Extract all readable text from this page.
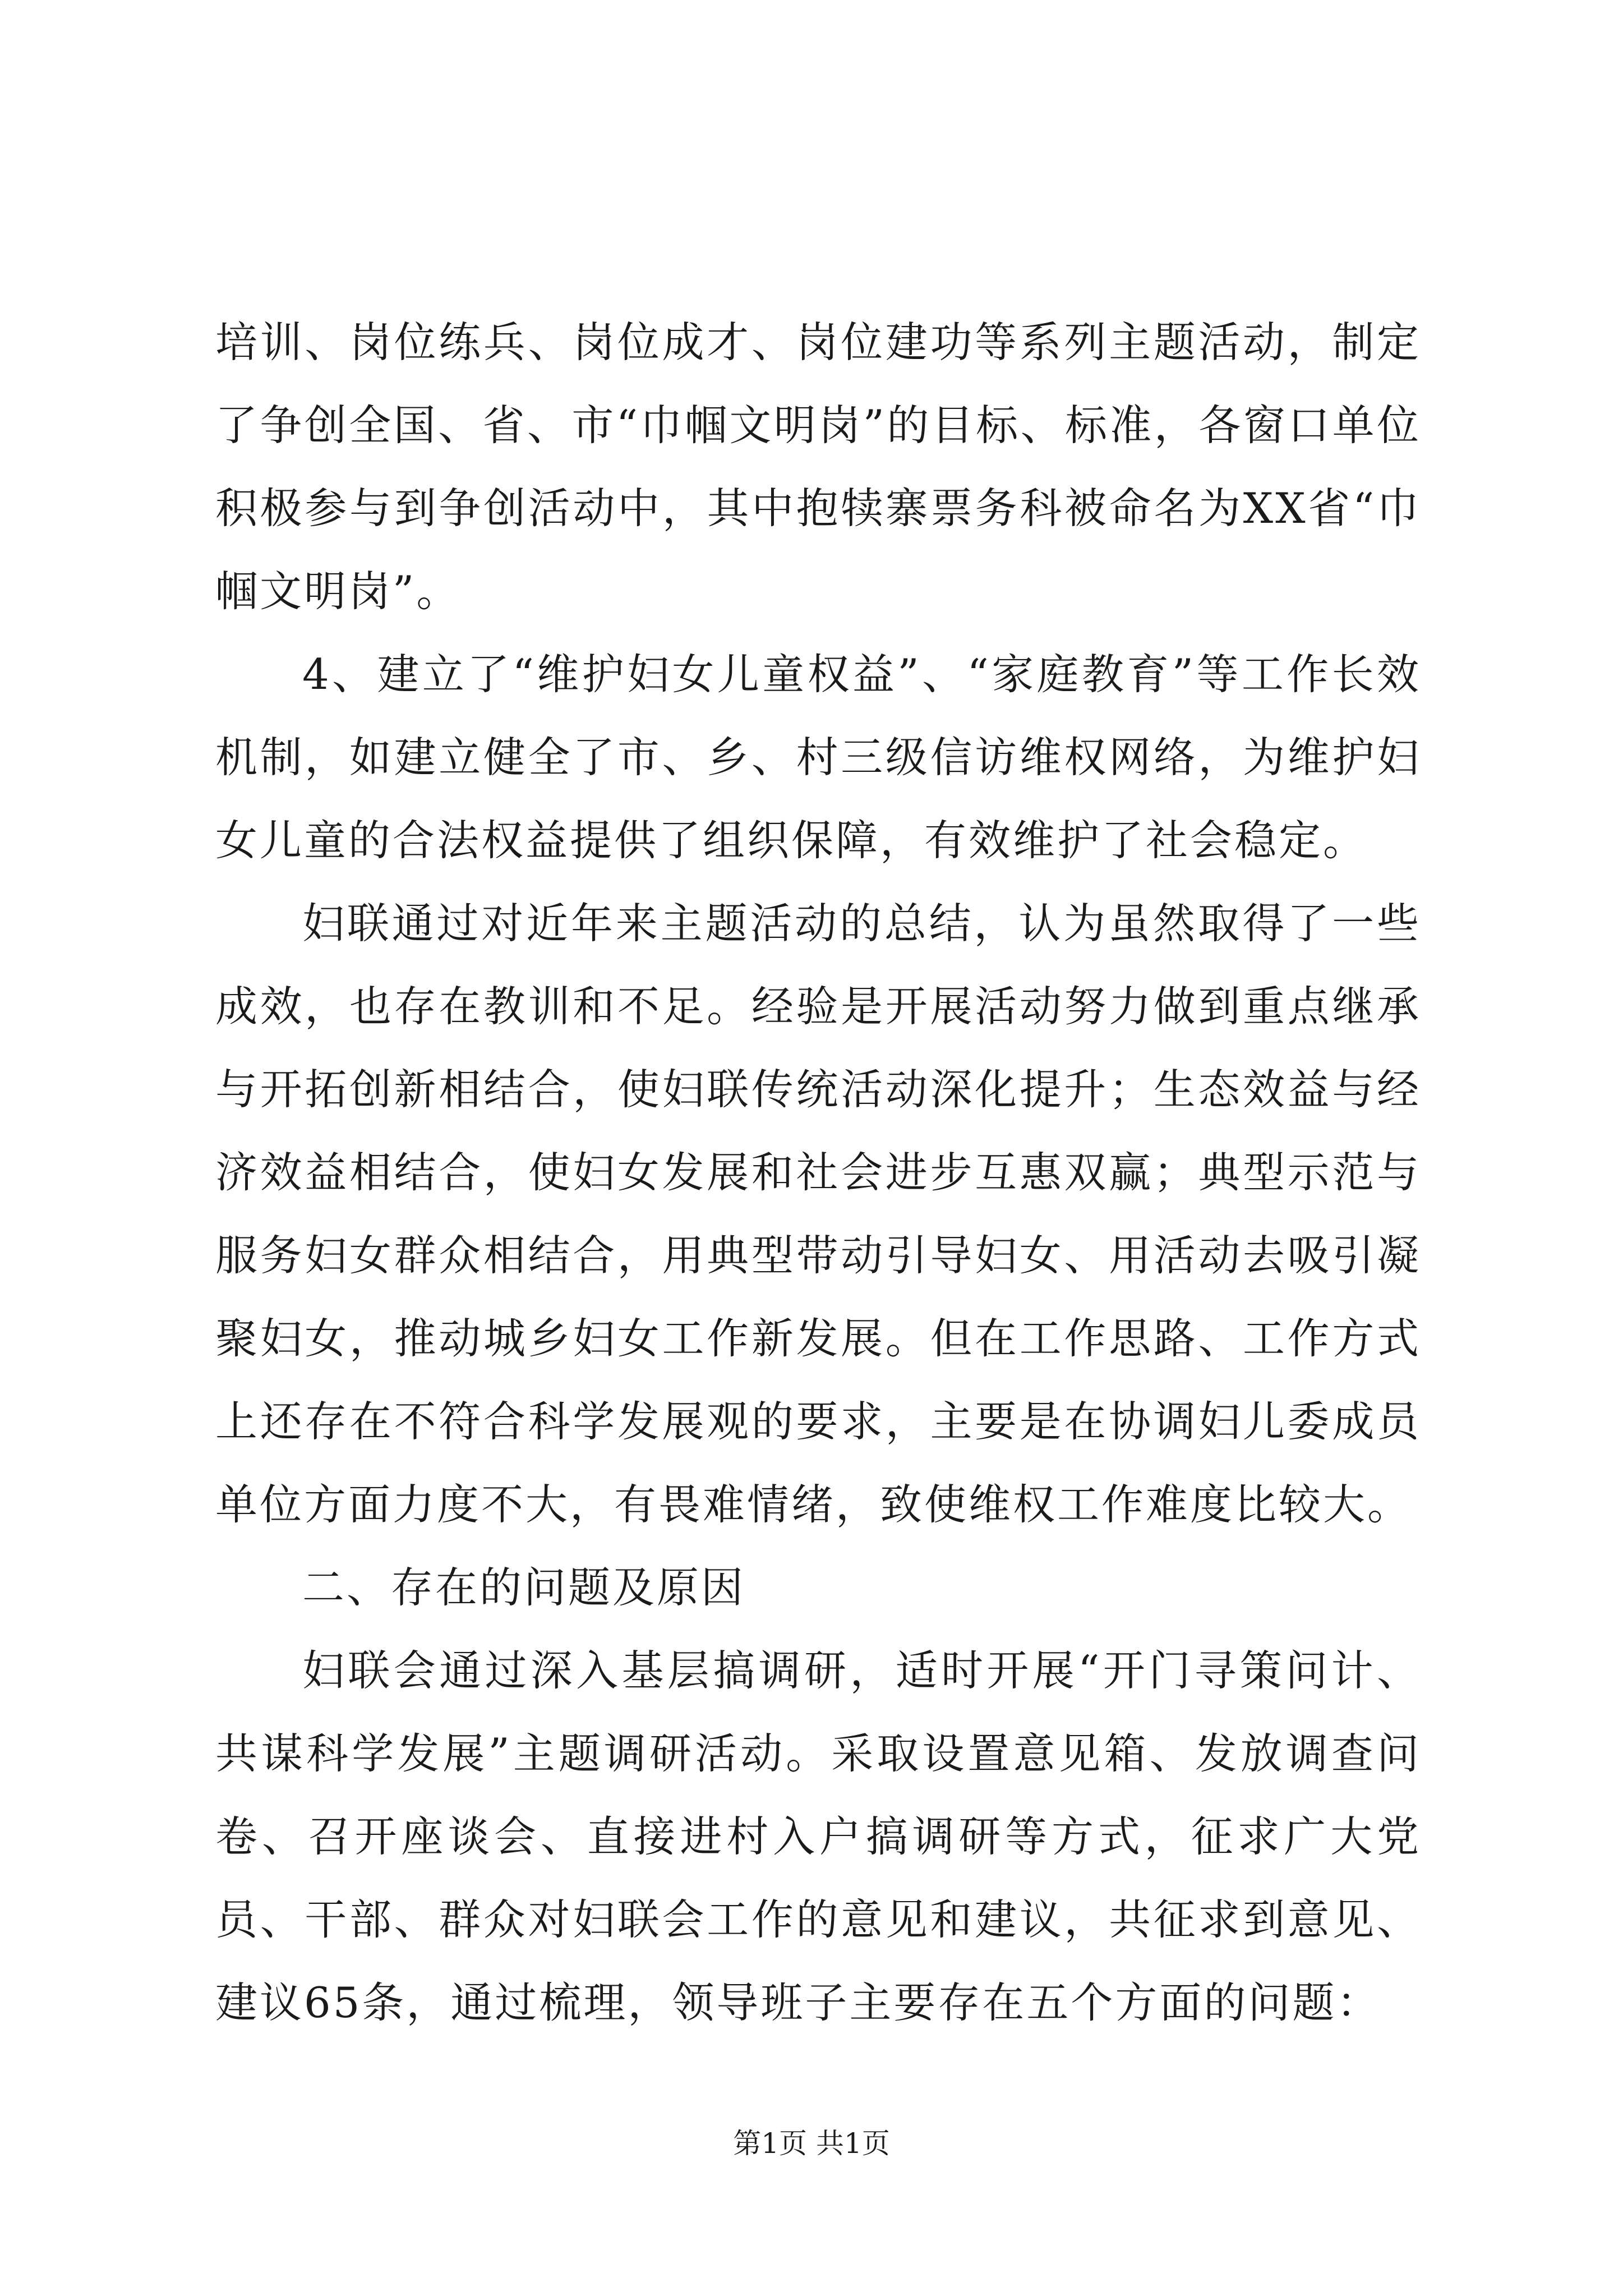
培训、岗位练兵、岗位成才、岗位建功等系列主题活动，制定了争创全国、省、市“巾帼文明岗”的目标、标准，各窗口单位积极参与到争创活动中，其中抱犊寨票务科被命名为XX省“巾帼文明岗”。

4、建立了“维护妇女儿童权益”、“家庭教育”等工作长效机制，如建立健全了市、乡、村三级信访维权网络，为维护妇女儿童的合法权益提供了组织保障，有效维护了社会稳定。

妇联通过对近年来主题活动的总结，认为虽然取得了一些成效，也存在教训和不足。经验是开展活动努力做到重点继承与开拓创新相结合，使妇联传统活动深化提升；生态效益与经济效益相结合，使妇女发展和社会进步互惠双赢；典型示范与服务妇女群众相结合，用典型带动引导妇女、用活动去吸引凝聚妇女，推动城乡妇女工作新发展。但在工作思路、工作方式上还存在不符合科学发展观的要求，主要是在协调妇儿委成员单位方面力度不大，有畏难情绪，致使维权工作难度比较大。

二、存在的问题及原因

妇联会通过深入基层搞调研，适时开展“开门寻策问计、共谋科学发展”主题调研活动。采取设置意见箱、发放调查问卷、召开座谈会、直接进村入户搞调研等方式，征求广大党员、干部、群众对妇联会工作的意见和建议，共征求到意见、建议65条，通过梳理，领导班子主要存在五个方面的问题：

第1页 共1页
